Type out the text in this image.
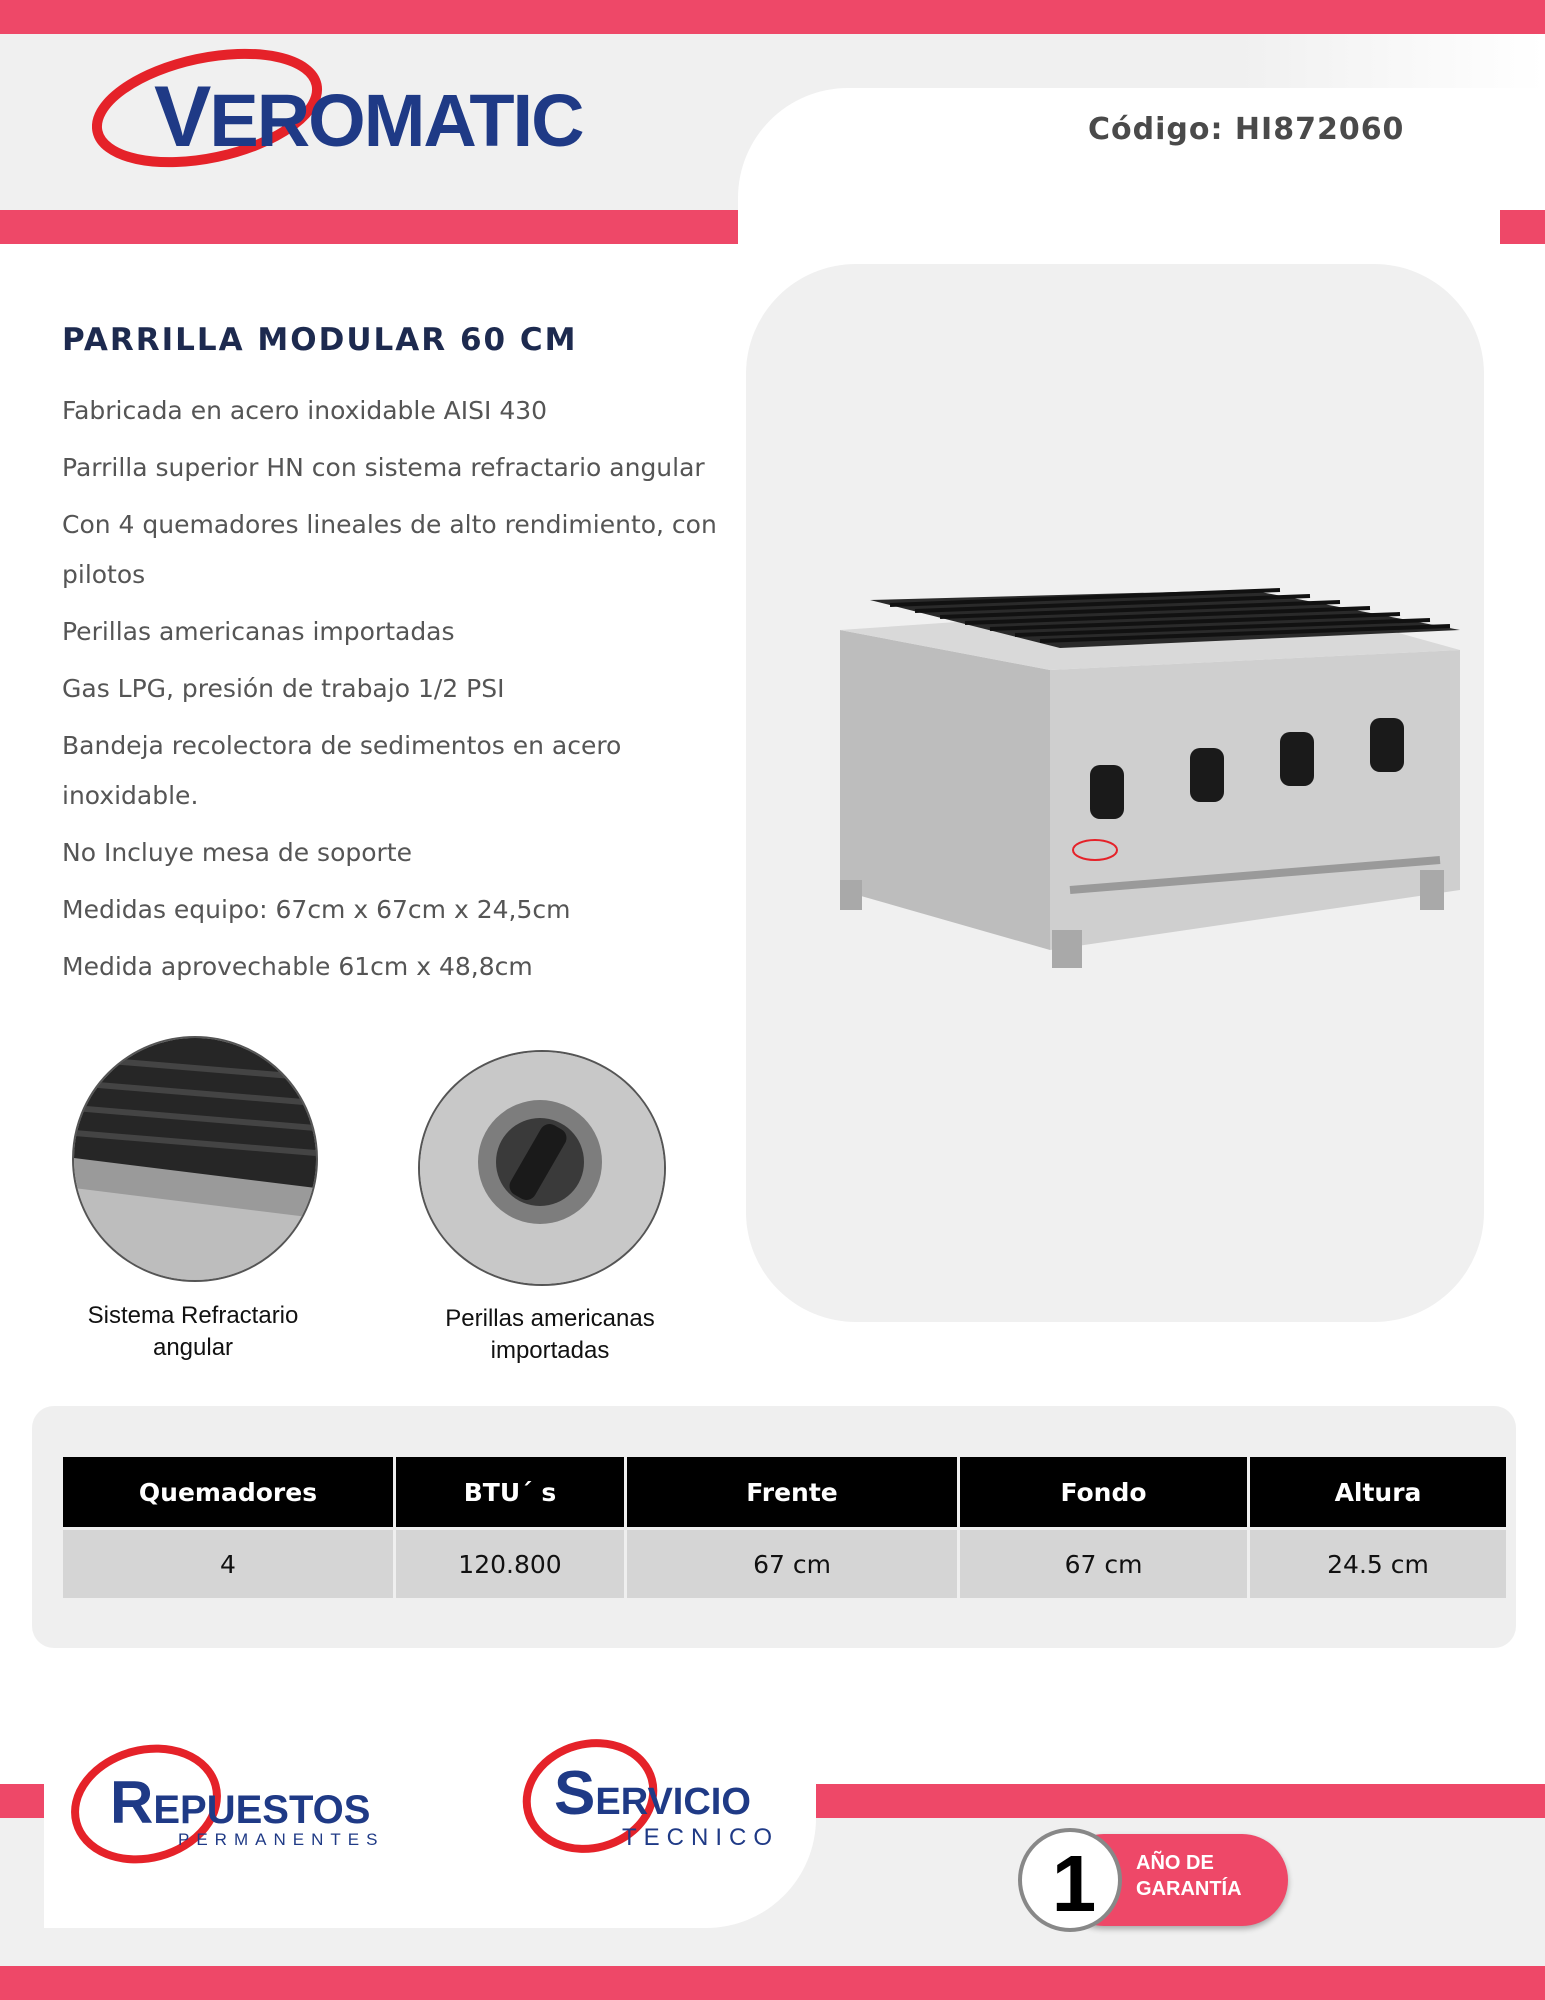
VEROMATIC	Código: HI872060
PARRILLA MODULAR 60 CM
Fabricada en acero inoxidable AISI 430
Parrilla superior HN con sistema refractario angular
Con 4 quemadores lineales de alto rendimiento, con pilotos
Perillas americanas importadas
Gas LPG, presión de trabajo 1/2 PSI
Bandeja recolectora de sedimentos en acero inoxidable.
No Incluye mesa de soporte
Medidas equipo: 67cm x 67cm x 24,5cm
Medida aprovechable 61cm x 48,8cm
Sistema Refractario
angular
Perillas americanas
importadas
Quemadores	BTU´ s	Frente	Fondo	Altura
4	120.800	67 cm	67 cm	24.5 cm
REPUESTOS
PERMANENTES
SERVICIO
TECNICO
1	AÑO DE
GARANTÍA
